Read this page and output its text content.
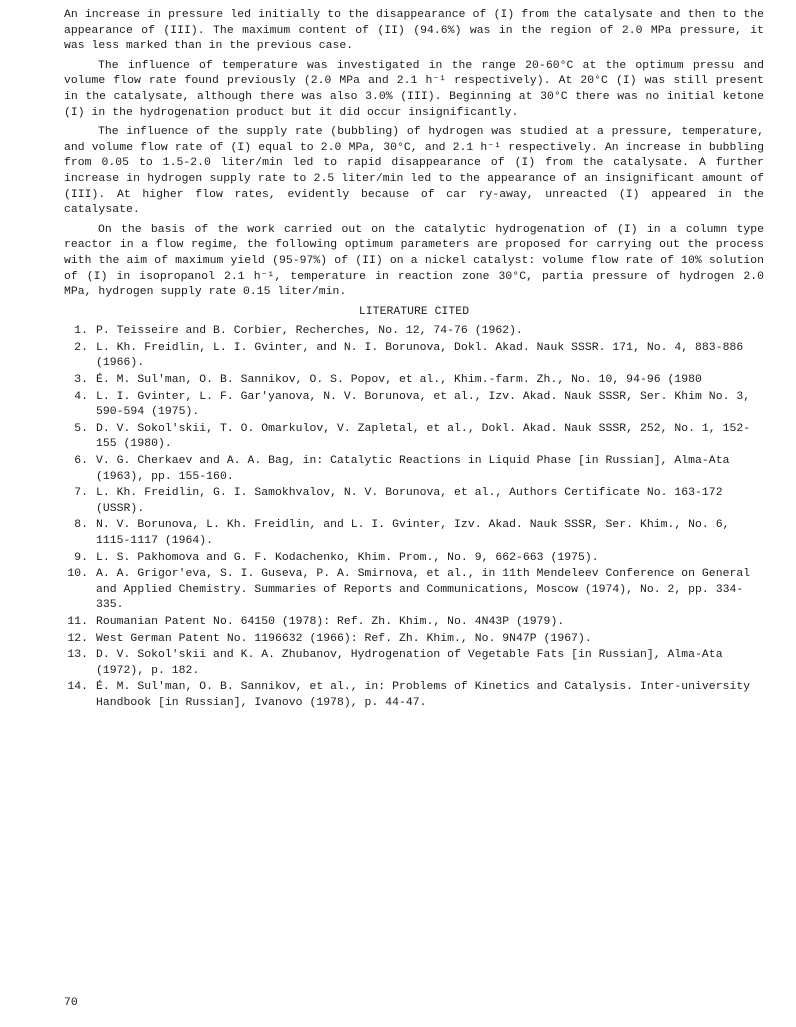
An increase in pressure led initially to the disappearance of (I) from the catalysate and then to the appearance of (III). The maximum content of (II) (94.6%) was in the region of 2.0 MPa pressure, it was less marked than in the previous case.

The influence of temperature was investigated in the range 20-60°C at the optimum pressu and volume flow rate found previously (2.0 MPa and 2.1 h⁻¹ respectively). At 20°C (I) was still present in the catalysate, although there was also 3.0% (III). Beginning at 30°C there was no initial ketone (I) in the hydrogenation product but it did occur insignificantly.

The influence of the supply rate (bubbling) of hydrogen was studied at a pressure, temperature, and volume flow rate of (I) equal to 2.0 MPa, 30°C, and 2.1 h⁻¹ respectively. An increase in bubbling from 0.05 to 1.5-2.0 liter/min led to rapid disappearance of (I) from the catalysate. A further increase in hydrogen supply rate to 2.5 liter/min led to the appearance of an insignificant amount of (III). At higher flow rates, evidently because of car ry-away, unreacted (I) appeared in the catalysate.

On the basis of the work carried out on the catalytic hydrogenation of (I) in a column type reactor in a flow regime, the following optimum parameters are proposed for carrying out the process with the aim of maximum yield (95-97%) of (II) on a nickel catalyst: volume flow rate of 10% solution of (I) in isopropanol 2.1 h⁻¹, temperature in reaction zone 30°C, partia pressure of hydrogen 2.0 MPa, hydrogen supply rate 0.15 liter/min.

LITERATURE CITED
1. P. Teisseire and B. Corbier, Recherches, No. 12, 74-76 (1962).
2. L. Kh. Freidlin, L. I. Gvinter, and N. I. Borunova, Dokl. Akad. Nauk SSSR. 171, No. 4, 883-886 (1966).
3. É. M. Sul'man, O. B. Sannikov, O. S. Popov, et al., Khim.-farm. Zh., No. 10, 94-96 (1980
4. L. I. Gvinter, L. F. Gar'yanova, N. V. Borunova, et al., Izv. Akad. Nauk SSSR, Ser. Khim No. 3, 590-594 (1975).
5. D. V. Sokol'skii, T. O. Omarkulov, V. Zapletal, et al., Dokl. Akad. Nauk SSSR, 252, No. 1, 152-155 (1980).
6. V. G. Cherkaev and A. A. Bag, in: Catalytic Reactions in Liquid Phase [in Russian], Alma-Ata (1963), pp. 155-160.
7. L. Kh. Freidlin, G. I. Samokhvalov, N. V. Borunova, et al., Authors Certificate No. 163-172 (USSR).
8. N. V. Borunova, L. Kh. Freidlin, and L. I. Gvinter, Izv. Akad. Nauk SSSR, Ser. Khim., No. 6, 1115-1117 (1964).
9. L. S. Pakhomova and G. F. Kodachenko, Khim. Prom., No. 9, 662-663 (1975).
10. A. A. Grigor'eva, S. I. Guseva, P. A. Smirnova, et al., in 11th Mendeleev Conference on General and Applied Chemistry. Summaries of Reports and Communications, Moscow (1974), No. 2, pp. 334-335.
11. Roumanian Patent No. 64150 (1978): Ref. Zh. Khim., No. 4N43P (1979).
12. West German Patent No. 1196632 (1966): Ref. Zh. Khim., No. 9N47P (1967).
13. D. V. Sokol'skii and K. A. Zhubanov, Hydrogenation of Vegetable Fats [in Russian], Alma-Ata (1972), p. 182.
14. É. M. Sul'man, O. B. Sannikov, et al., in: Problems of Kinetics and Catalysis. Inter-university Handbook [in Russian], Ivanovo (1978), p. 44-47.
70
